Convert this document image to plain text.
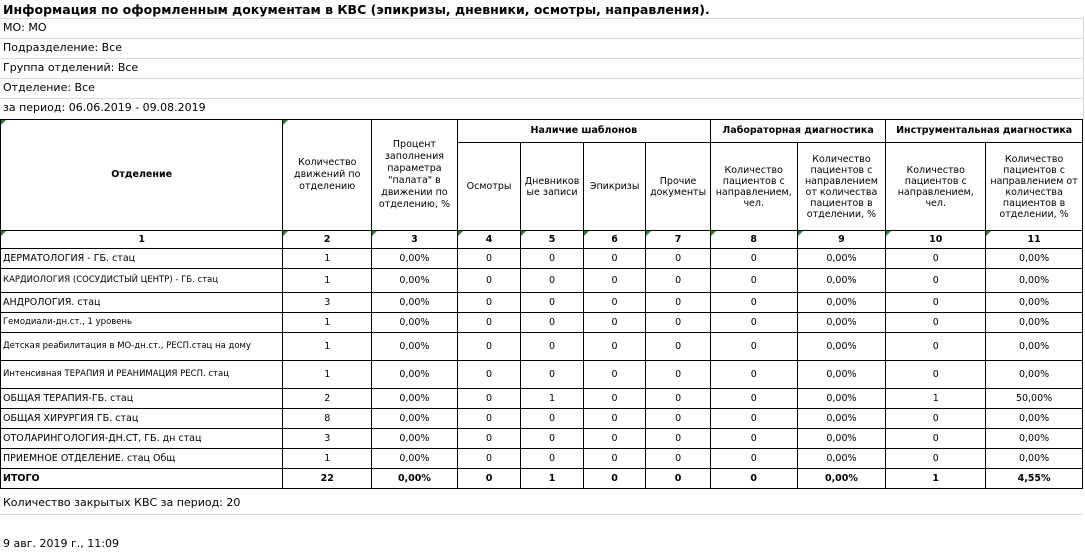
Информация по оформленным документам в КВС (эпикризы, дневники, осмотры, направления).
МО: МО
Подразделение: Все
Группа отделений: Все
Отделение: Все
за период: 06.06.2019 - 09.08.2019
Отделение	Количество движений по отделению	Процент заполнения параметра "палата" в движении по отделению, %	Наличие шаблонов				Лабораторная диагностика		Инструментальная диагностика	
			Осмотры	Дневников ые записи	Эпикризы	Прочие документы	Количество пациентов с направлением, чел.	Количество пациентов с направлением от количества пациентов в отделении, %	Количество пациентов с направлением, чел.	Количество пациентов с направлением от количества пациентов в отделении, %
1	2	3	4	5	6	7	8	9	10	11
ДЕРМАТОЛОГИЯ - ГБ. стац	1	0,00%	0	0	0	0	0	0,00%	0	0,00%
КАРДИОЛОГИЯ (СОСУДИСТЫЙ ЦЕНТР) - ГБ. стац	1	0,00%	0	0	0	0	0	0,00%	0	0,00%
АНДРОЛОГИЯ. стац	3	0,00%	0	0	0	0	0	0,00%	0	0,00%
Гемодиали-дн.ст., 1 уровень	1	0,00%	0	0	0	0	0	0,00%	0	0,00%
Детская реабилитация в МО-дн.ст., РЕСП.стац на дому	1	0,00%	0	0	0	0	0	0,00%	0	0,00%
Интенсивная ТЕРАПИЯ И РЕАНИМАЦИЯ РЕСП. стац	1	0,00%	0	0	0	0	0	0,00%	0	0,00%
ОБЩАЯ ТЕРАПИЯ-ГБ. стац	2	0,00%	0	1	0	0	0	0,00%	1	50,00%
ОБЩАЯ ХИРУРГИЯ ГБ. стац	8	0,00%	0	0	0	0	0	0,00%	0	0,00%
ОТОЛАРИНГОЛОГИЯ-ДН.СТ, ГБ. дн стац	3	0,00%	0	0	0	0	0	0,00%	0	0,00%
ПРИЕМНОЕ ОТДЕЛЕНИЕ. стац Общ	1	0,00%	0	0	0	0	0	0,00%	0	0,00%
ИТОГО	22	0,00%	0	1	0	0	0	0,00%	1	4,55%
Количество закрытых КВС за период: 20
9 авг. 2019 г., 11:09
